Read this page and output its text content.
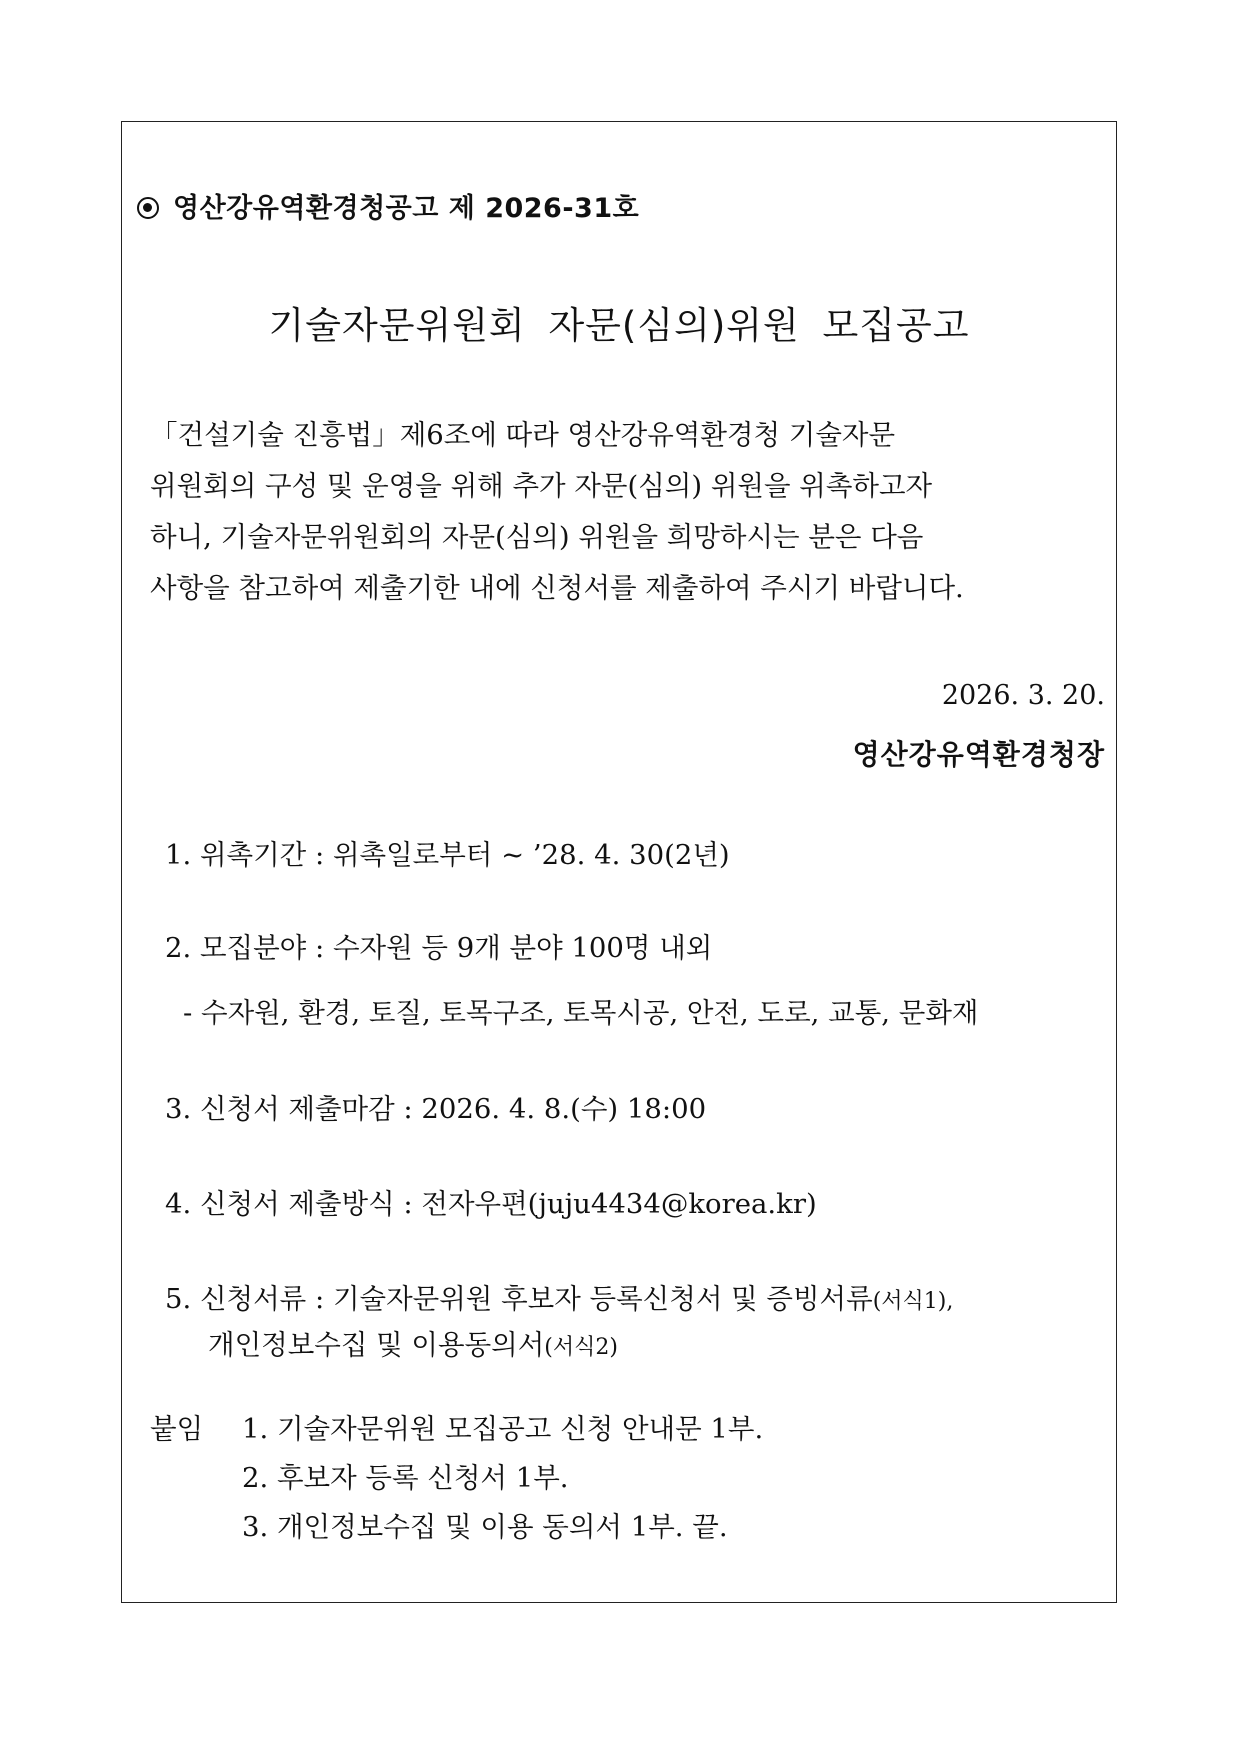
영산강유역환경청공고 제 2026-31호
기술자문위원회 자문(심의)위원 모집공고
「건설기술 진흥법」제6조에 따라 영산강유역환경청 기술자문
위원회의 구성 및 운영을 위해 추가 자문(심의) 위원을 위촉하고자
하니, 기술자문위원회의 자문(심의) 위원을 희망하시는 분은 다음
사항을 참고하여 제출기한 내에 신청서를 제출하여 주시기 바랍니다.
2026. 3. 20.
영산강유역환경청장
1. 위촉기간 : 위촉일로부터 ~ ’28. 4. 30(2년)
2. 모집분야 : 수자원 등 9개 분야 100명 내외
- 수자원, 환경, 토질, 토목구조, 토목시공, 안전, 도로, 교통, 문화재
3. 신청서 제출마감 : 2026. 4. 8.(수) 18:00
4. 신청서 제출방식 : 전자우편(juju4434@korea.kr)
5. 신청서류 : 기술자문위원 후보자 등록신청서 및 증빙서류(서식1),
개인정보수집 및 이용동의서(서식2)
붙임 1. 기술자문위원 모집공고 신청 안내문 1부.
2. 후보자 등록 신청서 1부.
3. 개인정보수집 및 이용 동의서 1부. 끝.
